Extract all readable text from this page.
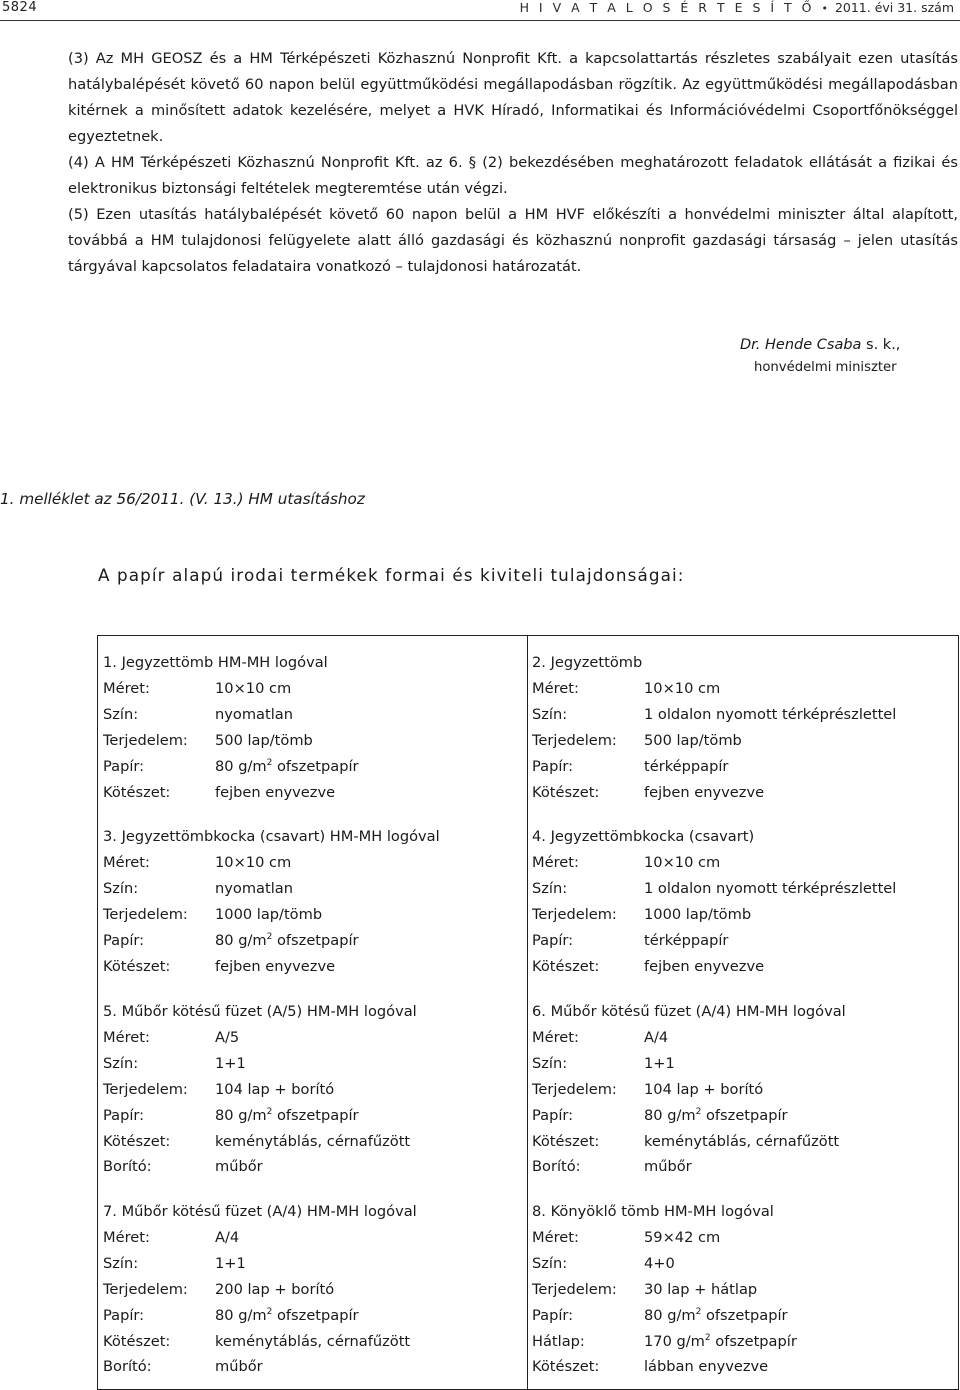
5824	H I V A T A L O S É R T E S Í T Ő • 2011. évi 31. szám

(3) Az MH GEOSZ és a HM Térképészeti Közhasznú Nonprofit Kft. a kapcsolattartás részletes szabályait ezen utasítás hatálybalépését követő 60 napon belül együttműködési megállapodásban rögzítik. Az együttműködési megállapodásban kitérnek a minősített adatok kezelésére, melyet a HVK Híradó, Informatikai és Információvédelmi Csoportfőnökséggel egyeztetnek.

(4) A HM Térképészeti Közhasznú Nonprofit Kft. az 6. § (2) bekezdésében meghatározott feladatok ellátását a fizikai és elektronikus biztonsági feltételek megteremtése után végzi.

(5) Ezen utasítás hatálybalépését követő 60 napon belül a HM HVF előkészíti a honvédelmi miniszter által alapított, továbbá a HM tulajdonosi felügyelete alatt álló gazdasági és közhasznú nonprofit gazdasági társaság – jelen utasítás tárgyával kapcsolatos feladataira vonatkozó – tulajdonosi határozatát.

Dr. Hende Csaba s. k.,
honvédelmi miniszter
1. melléklet az 56/2011. (V. 13.) HM utasításhoz
A papír alapú irodai termékek formai és kiviteli tulajdonságai:
1. Jegyzettömb HM-MH logóval
Méret:	10×10 cm
Szín:	nyomatlan
Terjedelem:	500 lap/tömb
Papír:	80 $g/m^2$ ofszetpapír
Kötészet:	fejben enyvezve
2. Jegyzettömb
Méret:	10×10 cm
Szín:	1 oldalon nyomott térképrészlettel
Terjedelem:	500 lap/tömb
Papír:	térképpapír
Kötészet:	fejben enyvezve
3. Jegyzettömbkocka (csavart) HM-MH logóval
Méret:	10×10 cm
Szín:	nyomatlan
Terjedelem:	1000 lap/tömb
Papír:	80 $g/m^2$ ofszetpapír
Kötészet:	fejben enyvezve
4. Jegyzettömbkocka (csavart)
Méret:	10×10 cm
Szín:	1 oldalon nyomott térképrészlettel
Terjedelem:	1000 lap/tömb
Papír:	térképpapír
Kötészet:	fejben enyvezve
5. Műbőr kötésű füzet (A/5) HM-MH logóval
Méret:	A/5
Szín:	1+1
Terjedelem:	104 lap + borító
Papír:	80 $g/m^2$ ofszetpapír
Kötészet:	keménytáblás, cérnafűzött
Borító:	műbőr
6. Műbőr kötésű füzet (A/4) HM-MH logóval
Méret:	A/4
Szín:	1+1
Terjedelem:	104 lap + borító
Papír:	80 $g/m^2$ ofszetpapír
Kötészet:	keménytáblás, cérnafűzött
Borító:	műbőr
7. Műbőr kötésű füzet (A/4) HM-MH logóval
Méret:	A/4
Szín:	1+1
Terjedelem:	200 lap + borító
Papír:	80 $g/m^2$ ofszetpapír
Kötészet:	keménytáblás, cérnafűzött
Borító:	műbőr
8. Könyöklő tömb HM-MH logóval
Méret:	59×42 cm
Szín:	4+0
Terjedelem:	30 lap + hátlap
Papír:	80 $g/m^2$ ofszetpapír
Hátlap:	170 $g/m^2$ ofszetpapír
Kötészet:	lábban enyvezve
